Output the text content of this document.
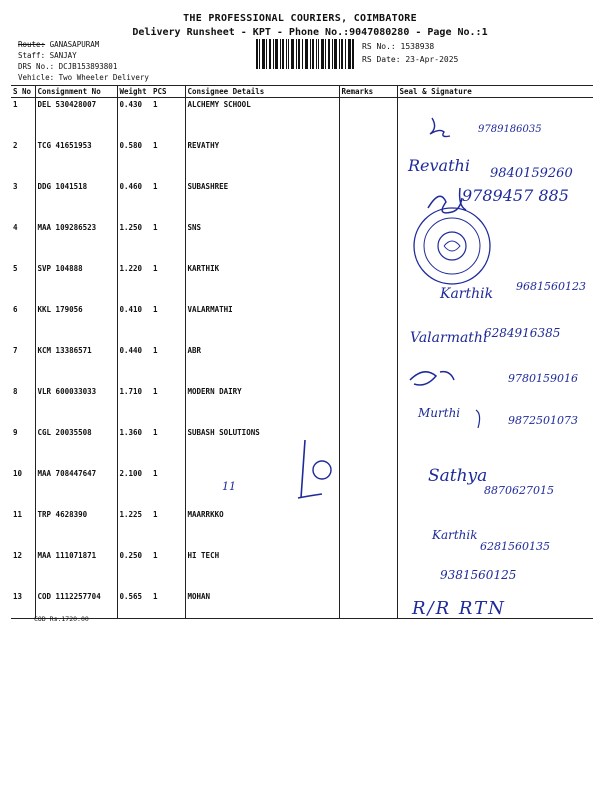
THE PROFESSIONAL COURIERS, COIMBATORE
Delivery Runsheet - KPT - Phone No.:9047080280 - Page No.:1
Route: GANASAPURAM
Staff: SANJAY
DRS No.: DCJB153893801
Vehicle: Two Wheeler Delivery
RS No.: 1538938
RS Date: 23-Apr-2025
S No	Consignment No	Weight	PCS	Consignee Details	Remarks	Seal & Signature
1	DEL 530428007	0.430	1	ALCHEMY SCHOOL		
2	TCG 41651953	0.580	1	REVATHY		
3	DDG 1041518	0.460	1	SUBASHREE		
4	MAA 109286523	1.250	1	SNS		
5	SVP 104888	1.220	1	KARTHIK		
6	KKL 179056	0.410	1	VALARMATHI		
7	KCM 13386571	0.440	1	ABR		
8	VLR 600033033	1.710	1	MODERN DAIRY		
9	CGL 20035508	1.360	1	SUBASH SOLUTIONS		
10	MAA 708447647	2.100	1			
11	TRP 4628390	1.225	1	MAARRKKO		
12	MAA 111071871	0.250	1	HI TECH		
13	COD 1112257704	0.565	1	MOHAN		
COD Rs.1720.00
9789186035
Revathi 9840159260
9789457 885
Karthik 9681560123
Valarmathi
6284916385
9780159016
Murthi
9872501073
11
Sathya
8870627015
Karthik
6281560135
9381560125
R/R RTN
